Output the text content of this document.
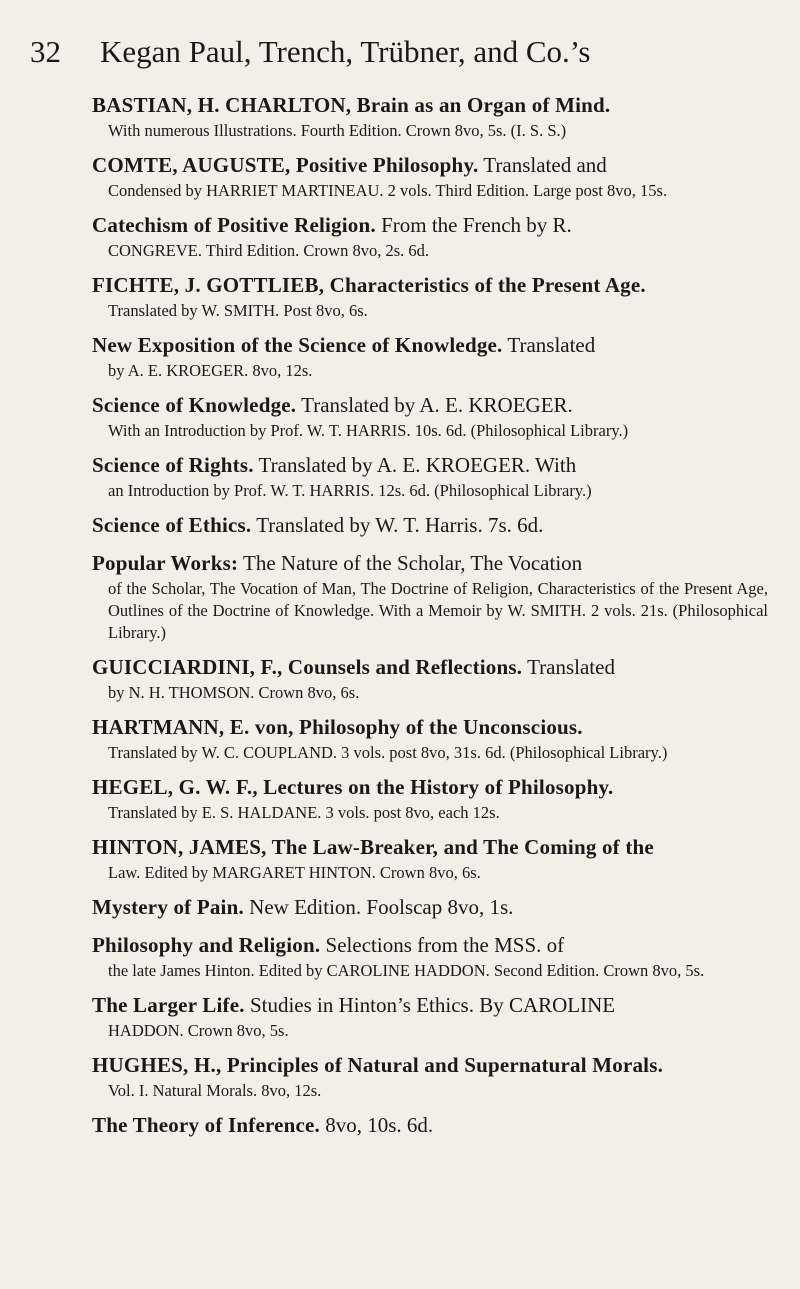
32 Kegan Paul, Trench, Trübner, and Co.’s

BASTIAN, H. CHARLTON, Brain as an Organ of Mind.

With numerous Illustrations. Fourth Edition. Crown 8vo, 5s. (I. S. S.)

COMTE, AUGUSTE, Positive Philosophy. Translated and

Condensed by HARRIET MARTINEAU. 2 vols. Third Edition. Large post 8vo, 15s.

Catechism of Positive Religion. From the French by R.

CONGREVE. Third Edition. Crown 8vo, 2s. 6d.

FICHTE, J. GOTTLIEB, Characteristics of the Present Age.

Translated by W. SMITH. Post 8vo, 6s.

New Exposition of the Science of Knowledge. Translated

by A. E. KROEGER. 8vo, 12s.

Science of Knowledge. Translated by A. E. KROEGER.

With an Introduction by Prof. W. T. HARRIS. 10s. 6d. (Philosophical Library.)

Science of Rights. Translated by A. E. KROEGER. With

an Introduction by Prof. W. T. HARRIS. 12s. 6d. (Philosophical Library.)

Science of Ethics. Translated by W. T. Harris. 7s. 6d.

Popular Works: The Nature of the Scholar, The Vocation

of the Scholar, The Vocation of Man, The Doctrine of Religion, Characteristics of the Present Age, Outlines of the Doctrine of Knowledge. With a Memoir by W. SMITH. 2 vols. 21s. (Philosophical Library.)

GUICCIARDINI, F., Counsels and Reflections. Translated

by N. H. THOMSON. Crown 8vo, 6s.

HARTMANN, E. von, Philosophy of the Unconscious.

Translated by W. C. COUPLAND. 3 vols. post 8vo, 31s. 6d. (Philosophical Library.)

HEGEL, G. W. F., Lectures on the History of Philosophy.

Translated by E. S. HALDANE. 3 vols. post 8vo, each 12s.

HINTON, JAMES, The Law-Breaker, and The Coming of the

Law. Edited by MARGARET HINTON. Crown 8vo, 6s.

Mystery of Pain. New Edition. Foolscap 8vo, 1s.

Philosophy and Religion. Selections from the MSS. of

the late James Hinton. Edited by CAROLINE HADDON. Second Edition. Crown 8vo, 5s.

The Larger Life. Studies in Hinton’s Ethics. By CAROLINE

HADDON. Crown 8vo, 5s.

HUGHES, H., Principles of Natural and Supernatural Morals.

Vol. I. Natural Morals. 8vo, 12s.

The Theory of Inference. 8vo, 10s. 6d.
